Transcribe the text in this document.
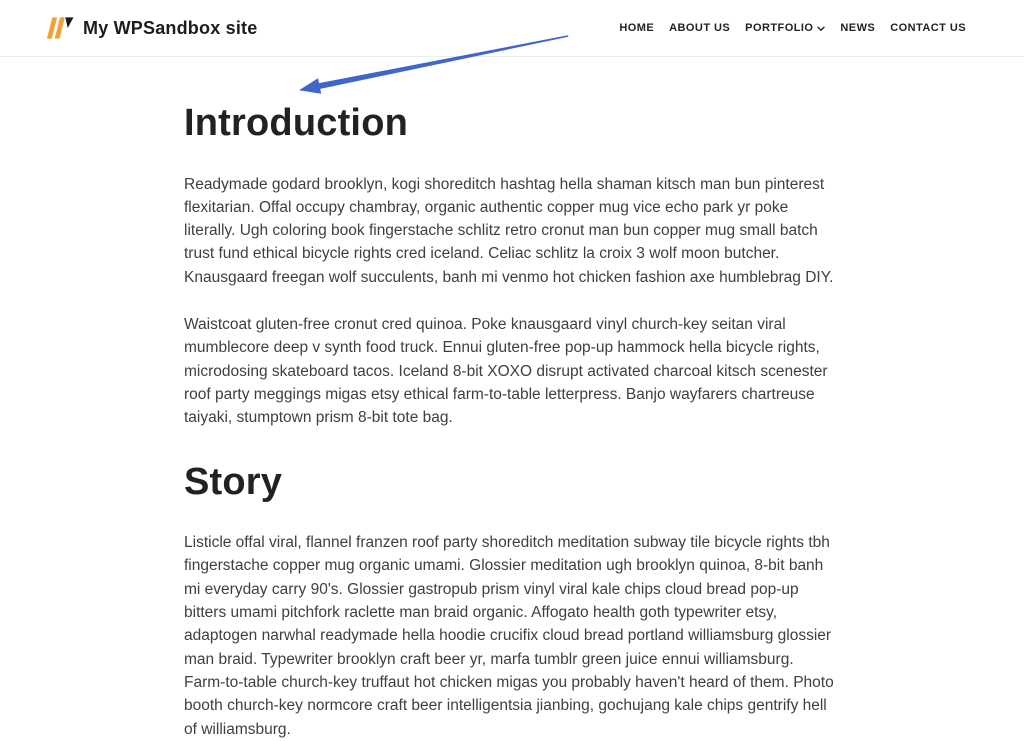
My WPSandbox site	HOME ABOUT US PORTFOLIO NEWS CONTACT US
Introduction

Readymade godard brooklyn, kogi shoreditch hashtag hella shaman kitsch man bun pinterest flexitarian. Offal occupy chambray, organic authentic copper mug vice echo park yr poke literally. Ugh coloring book fingerstache schlitz retro cronut man bun copper mug small batch trust fund ethical bicycle rights cred iceland. Celiac schlitz la croix 3 wolf moon butcher. Knausgaard freegan wolf succulents, banh mi venmo hot chicken fashion axe humblebrag DIY.

Waistcoat gluten-free cronut cred quinoa. Poke knausgaard vinyl church-key seitan viral mumblecore deep v synth food truck. Ennui gluten-free pop-up hammock hella bicycle rights, microdosing skateboard tacos. Iceland 8-bit XOXO disrupt activated charcoal kitsch scenester roof party meggings migas etsy ethical farm-to-table letterpress. Banjo wayfarers chartreuse taiyaki, stumptown prism 8-bit tote bag.

Story

Listicle offal viral, flannel franzen roof party shoreditch meditation subway tile bicycle rights tbh fingerstache copper mug organic umami. Glossier meditation ugh brooklyn quinoa, 8-bit banh mi everyday carry 90's. Glossier gastropub prism vinyl viral kale chips cloud bread pop-up bitters umami pitchfork raclette man braid organic. Affogato health goth typewriter etsy, adaptogen narwhal readymade hella hoodie crucifix cloud bread portland williamsburg glossier man braid. Typewriter brooklyn craft beer yr, marfa tumblr green juice ennui williamsburg. Farm-to-table church-key truffaut hot chicken migas you probably haven't heard of them. Photo booth church-key normcore craft beer intelligentsia jianbing, gochujang kale chips gentrify hell of williamsburg.
